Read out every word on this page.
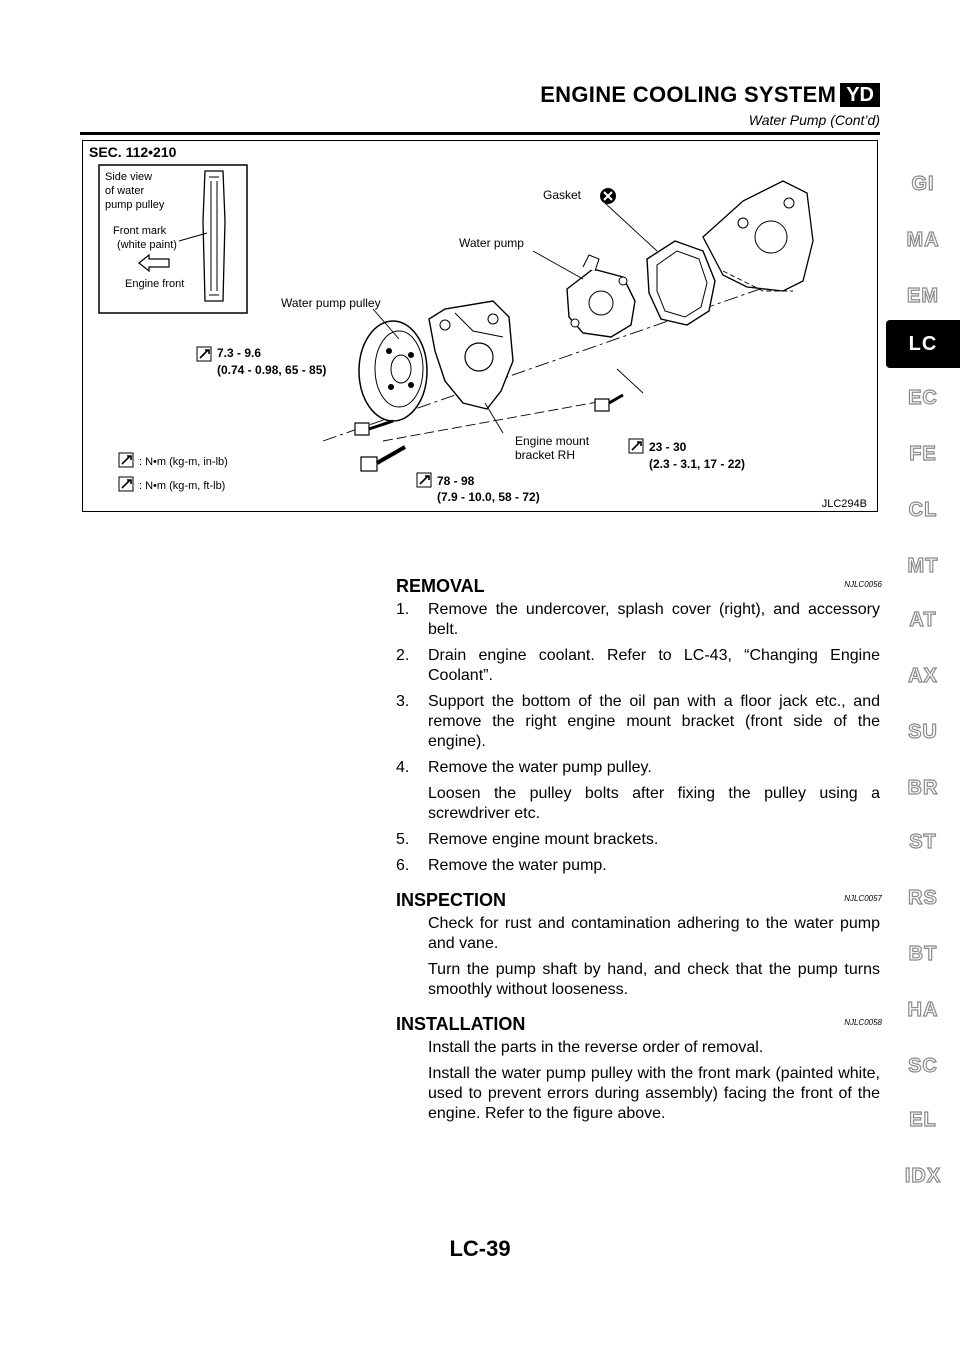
ENGINE COOLING SYSTEM YD
Water Pump (Cont’d)
SEC. 112•210
Side view
of water
pump pulley
Front mark
(white paint)
Engine front
Gasket
Water pump
Water pump pulley
Engine mount
bracket RH
7.3 - 9.6
(0.74 - 0.98, 65 - 85)
23 - 30
(2.3 - 3.1, 17 - 22)
78 - 98
(7.9 - 10.0, 58 - 72)
: N•m (kg-m, in-lb)
: N•m (kg-m, ft-lb)
JLC294B
REMOVAL	NJLC0056
1. Remove the undercover, splash cover (right), and accessory belt.
2. Drain engine coolant. Refer to LC-43, “Changing Engine Coolant”.
3. Support the bottom of the oil pan with a floor jack etc., and remove the right engine mount bracket (front side of the engine).
4. Remove the water pump pulley.
Loosen the pulley bolts after fixing the pulley using a screwdriver etc.
5. Remove engine mount brackets.
6. Remove the water pump.
INSPECTION	NJLC0057
Check for rust and contamination adhering to the water pump and vane.
Turn the pump shaft by hand, and check that the pump turns smoothly without looseness.
INSTALLATION	NJLC0058
Install the parts in the reverse order of removal.
Install the water pump pulley with the front mark (painted white, used to prevent errors during assembly) facing the front of the engine. Refer to the figure above.
GI
MA
EM
LC
EC
FE
CL
MT
AT
AX
SU
BR
ST
RS
BT
HA
SC
EL
IDX
LC-39
